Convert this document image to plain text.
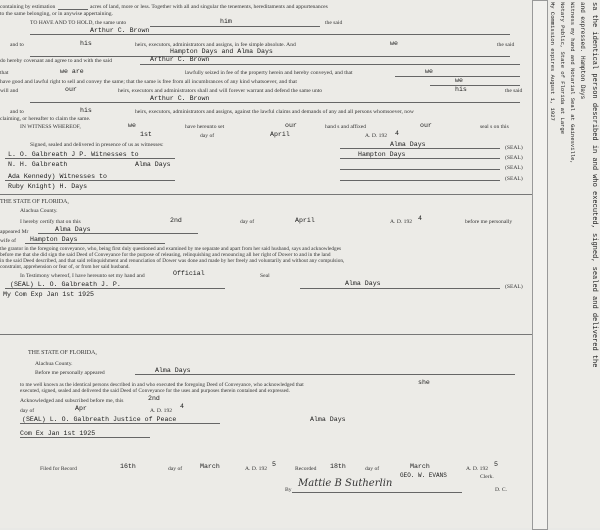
containing by estimation	acres of land, more or less. Together with all and singular the tenements, hereditaments and appurtenances
to the same belonging, or in anywise appertaining.
TO HAVE AND TO HOLD, the same unto	him	the said
Arthur C. Brown
and to	his	heirs, executors, administrators and assigns, in fee simple absolute. And	we	the said
Hampton Days and Alma Days
do hereby covenant and agree to and with the said	Arthur C. Brown
that	we are	lawfully seized in fee of the property herein and hereby conveyed, and that	we
have good and lawful right to sell and convey the same; that the same is free from all incumbrances of any kind whatsoever, and that	we
will and	our	heirs, executors and administrators shall and will forever warrant and defend the same unto	his	the said
Arthur C. Brown
and to	his	heirs, executors, administrators and assigns, against the lawful claims and demands of any and all persons whomsoever, now
claiming, or hereafter to claim the same.
IN WITNESS WHEREOF,	we	have hereunto set	our	hand s and affixed	our	seal s on this
1st	day of	April	A. D. 192 4
Signed, sealed and delivered in presence of us as witnesses:	Alma Days	(SEAL)
L. O. Galbreath J P. Witnesses to	Hampton Days	(SEAL)
N. H. Galbreath	Alma Days	(SEAL)
Ada Kennedy) Witnesses to	(SEAL)
Ruby Knight) H. Days
THE STATE OF FLORIDA,
Alachua County.
I hereby certify that on this	2nd	day of	April	A. D. 192 4	before me personally
appeared Mr	Alma Days
wife of Hampton Days
the grantor in the foregoing conveyance, who, being first duly questioned and examined by me separate and apart from her said husband, says and acknowledges
before me that she did sign the said Deed of Conveyance for the purpose of releasing, relinquishing and renouncing all her right of Dower to and in the land
in the said Deed described, and that said relinquishment and renunciation of Dower was done and made by her freely and voluntarily and without any compulsion,
constraint, apprehension or fear of, or from her said husband.
In Testimony whereof, I have hereunto set my hand and	Official	Seal
(SEAL) L. O. Galbreath J. P.	Alma Days	(SEAL)
My Com Exp Jan 1st 1925
THE STATE OF FLORIDA,
Alachua County.
Before me personally appeared	Alma Days
to me well known as the identical persons described in and who executed the foregoing Deed of Conveyance, who acknowledged that	she
executed, signed, sealed and delivered the said Deed of Conveyance for the uses and purposes therein contained and expressed.
Acknowledged and subscribed before me, this	2nd
day of	Apr	A. D. 192
4
(SEAL) L. O. Galbreath Justice of Peace	Alma Days
Com Ex Jan 1st 1925
Filed for Record	16th	day of	March	A. D. 192
5
Recorded 18th	day of	March	A. D. 192
5
GEO. W. EVANS	Clerk.
By
Mattie B Sutherlin
D. C.
sa the identical person described in and who executed, signed, sealed and delivered the
and expressed. Hampton Days
Witness my hand and Notarial Seal at Gainesville,
Notary Public, State of Florida at Large
My Commission expires August 1, 1927
